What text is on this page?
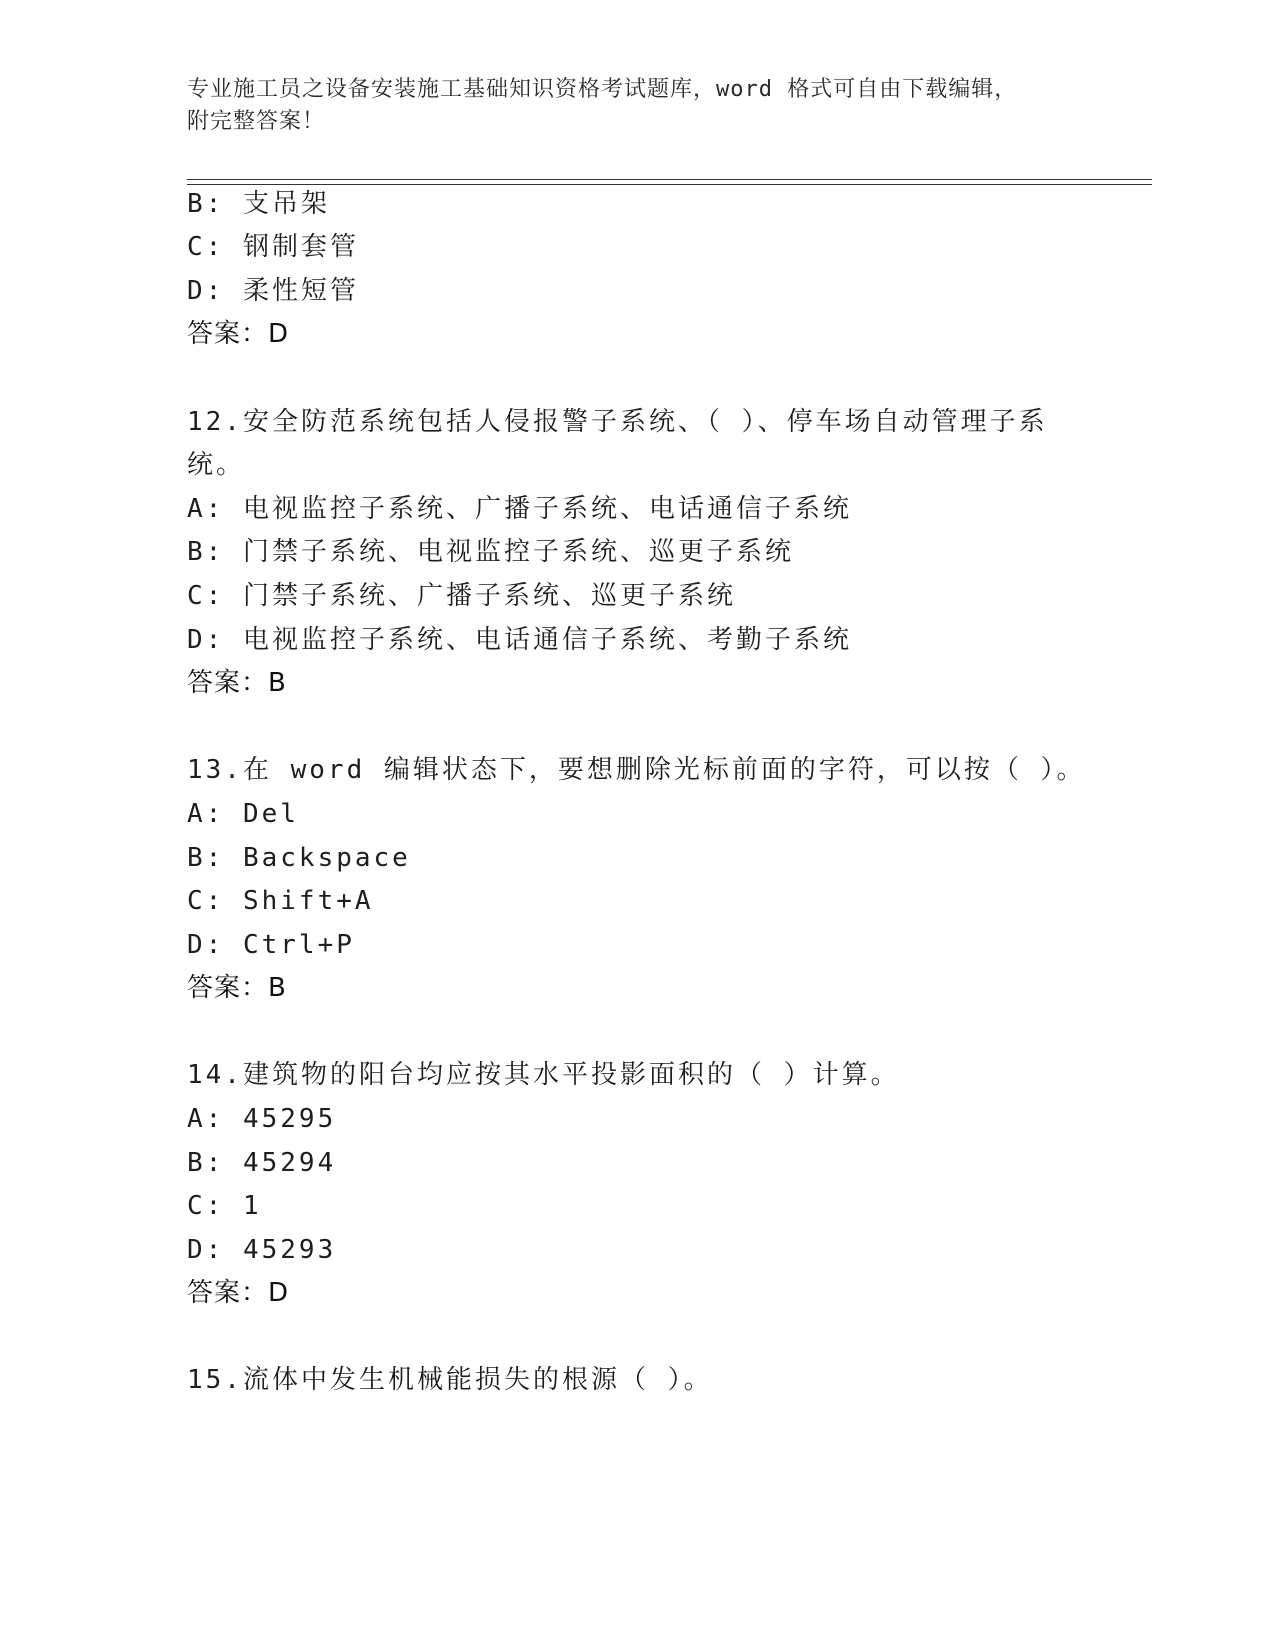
专业施工员之设备安装施工基础知识资格考试题库，word 格式可自由下载编辑，
附完整答案！
B: 支吊架
C: 钢制套管
D: 柔性短管
答案：D
12.安全防范系统包括人侵报警子系统、（ ）、停车场自动管理子系
统。
A: 电视监控子系统、广播子系统、电话通信子系统
B: 门禁子系统、电视监控子系统、巡更子系统
C: 门禁子系统、广播子系统、巡更子系统
D: 电视监控子系统、电话通信子系统、考勤子系统
答案：B
13.在 word 编辑状态下，要想删除光标前面的字符，可以按（ ）。
A: Del
B: Backspace
C: Shift+A
D: Ctrl+P
答案：B
14.建筑物的阳台均应按其水平投影面积的（ ）计算。
A: 45295
B: 45294
C: 1
D: 45293
答案：D
15.流体中发生机械能损失的根源（ ）。
